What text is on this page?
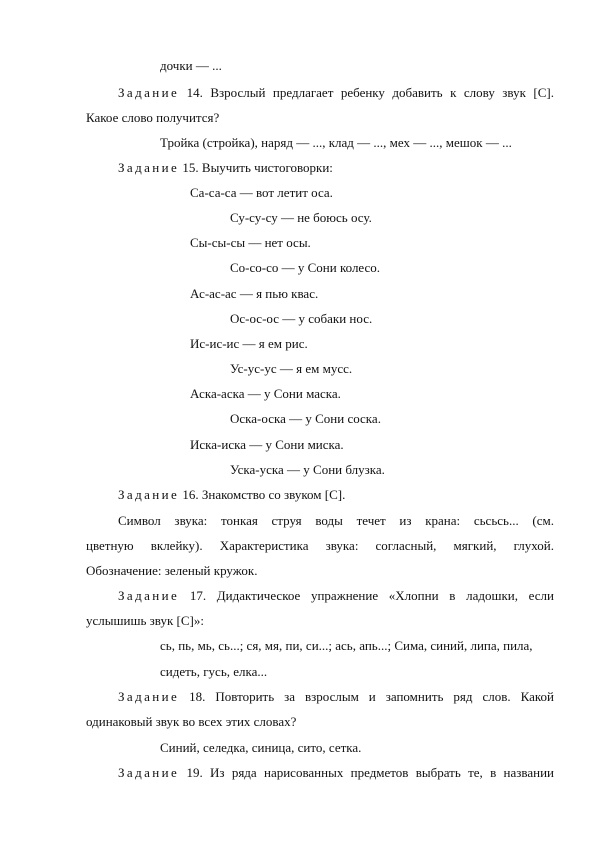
дочки — ...
Задание 14. Взрослый предлагает ребенку добавить к слову звук [С].
Какое слово получится?
Тройка (стройка), наряд — ..., клад — ..., мех — ..., мешок — ...
Задание 15. Выучить чистоговорки:
Са-са-са — вот летит оса.
Су-су-су — не боюсь осу.
Сы-сы-сы — нет осы.
Со-со-со — у Сони колесо.
Ас-ас-ас — я пью квас.
Ос-ос-ос — у собаки нос.
Ис-ис-ис — я ем рис.
Ус-ус-ус — я ем мусс.
Аска-аска — у Сони маска.
Оска-оска — у Сони соска.
Иска-иска — у Сони миска.
Уска-уска — у Сони блузка.
Задание 16. Знакомство со звуком [С].
Символ звука: тонкая струя воды течет из крана: сьсьсь... (см.
цветную вклейку). Характеристика звука: согласный, мягкий, глухой.
Обозначение: зеленый кружок.
Задание 17. Дидактическое упражнение «Хлопни в ладошки, если
услышишь звук [С]»:
сь, пь, мь, сь...; ся, мя, пи, си...; ась, апь...; Сима, синий, липа, пила,
сидеть, гусь, елка...
Задание 18. Повторить за взрослым и запомнить ряд слов. Какой
одинаковый звук во всех этих словах?
Синий, селедка, синица, сито, сетка.
Задание 19. Из ряда нарисованных предметов выбрать те, в названии
